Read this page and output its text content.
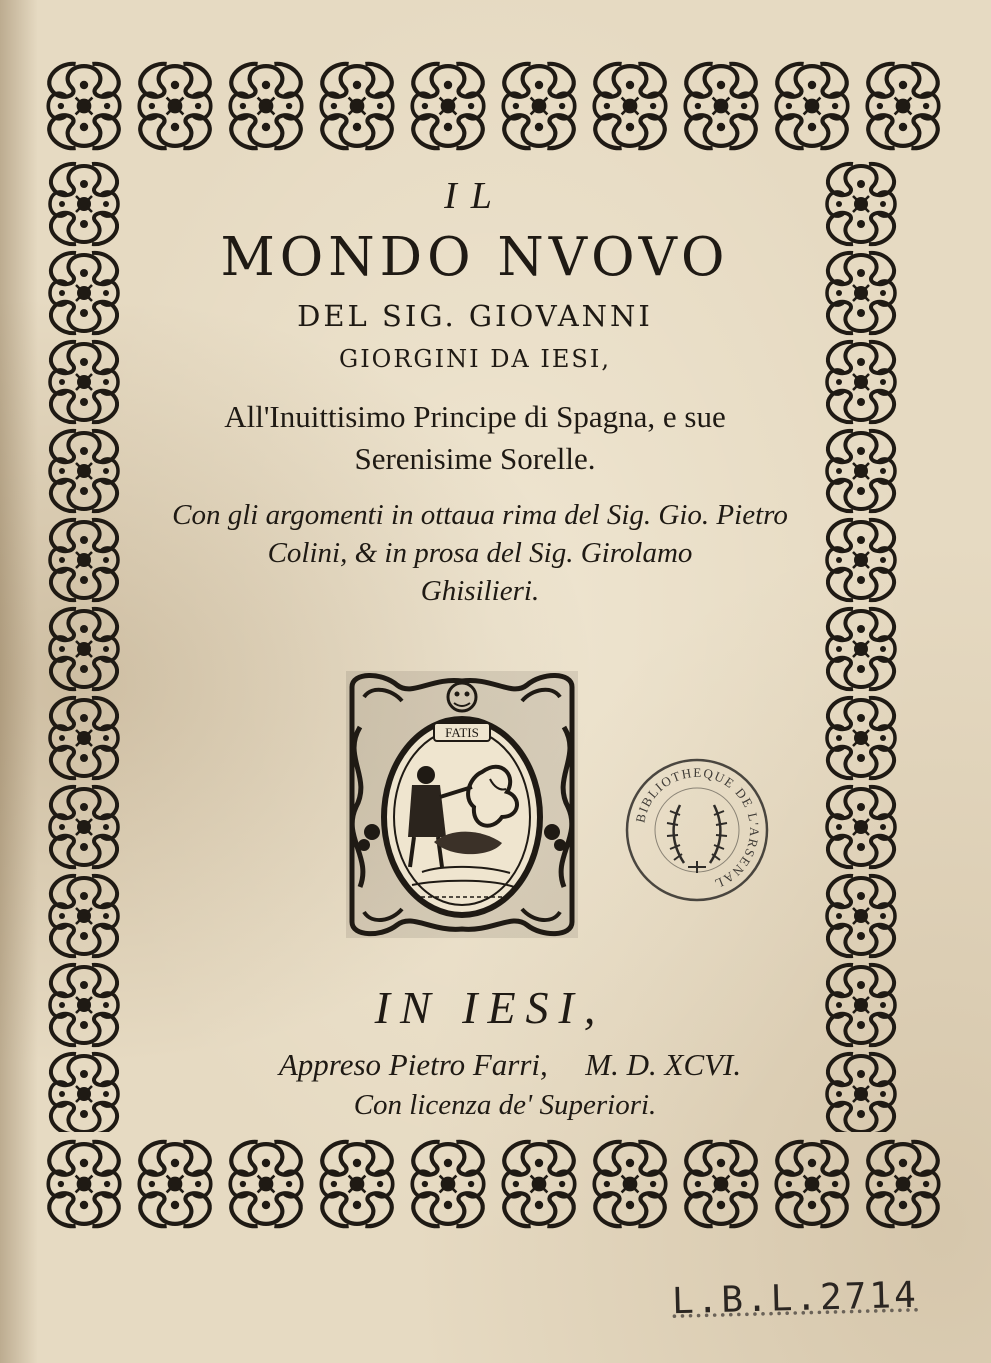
IL

MONDO NVOVO

DEL SIG. GIOVANNI

GIORGINI DA IESI,

All'Inuittisimo Principe di Spagna, e sue
Serenisime Sorelle.
Con gli argomenti in ottaua rima del Sig. Gio. Pietro
Colini, & in prosa del Sig. Girolamo
Ghisilieri.
FATIS
BIBLIOTHEQUE DE L'ARSENAL

IN IESI,

Appreso Pietro Farri, M. D. XCVI.

Con licenza de' Superiori.

L.B.L.2714
